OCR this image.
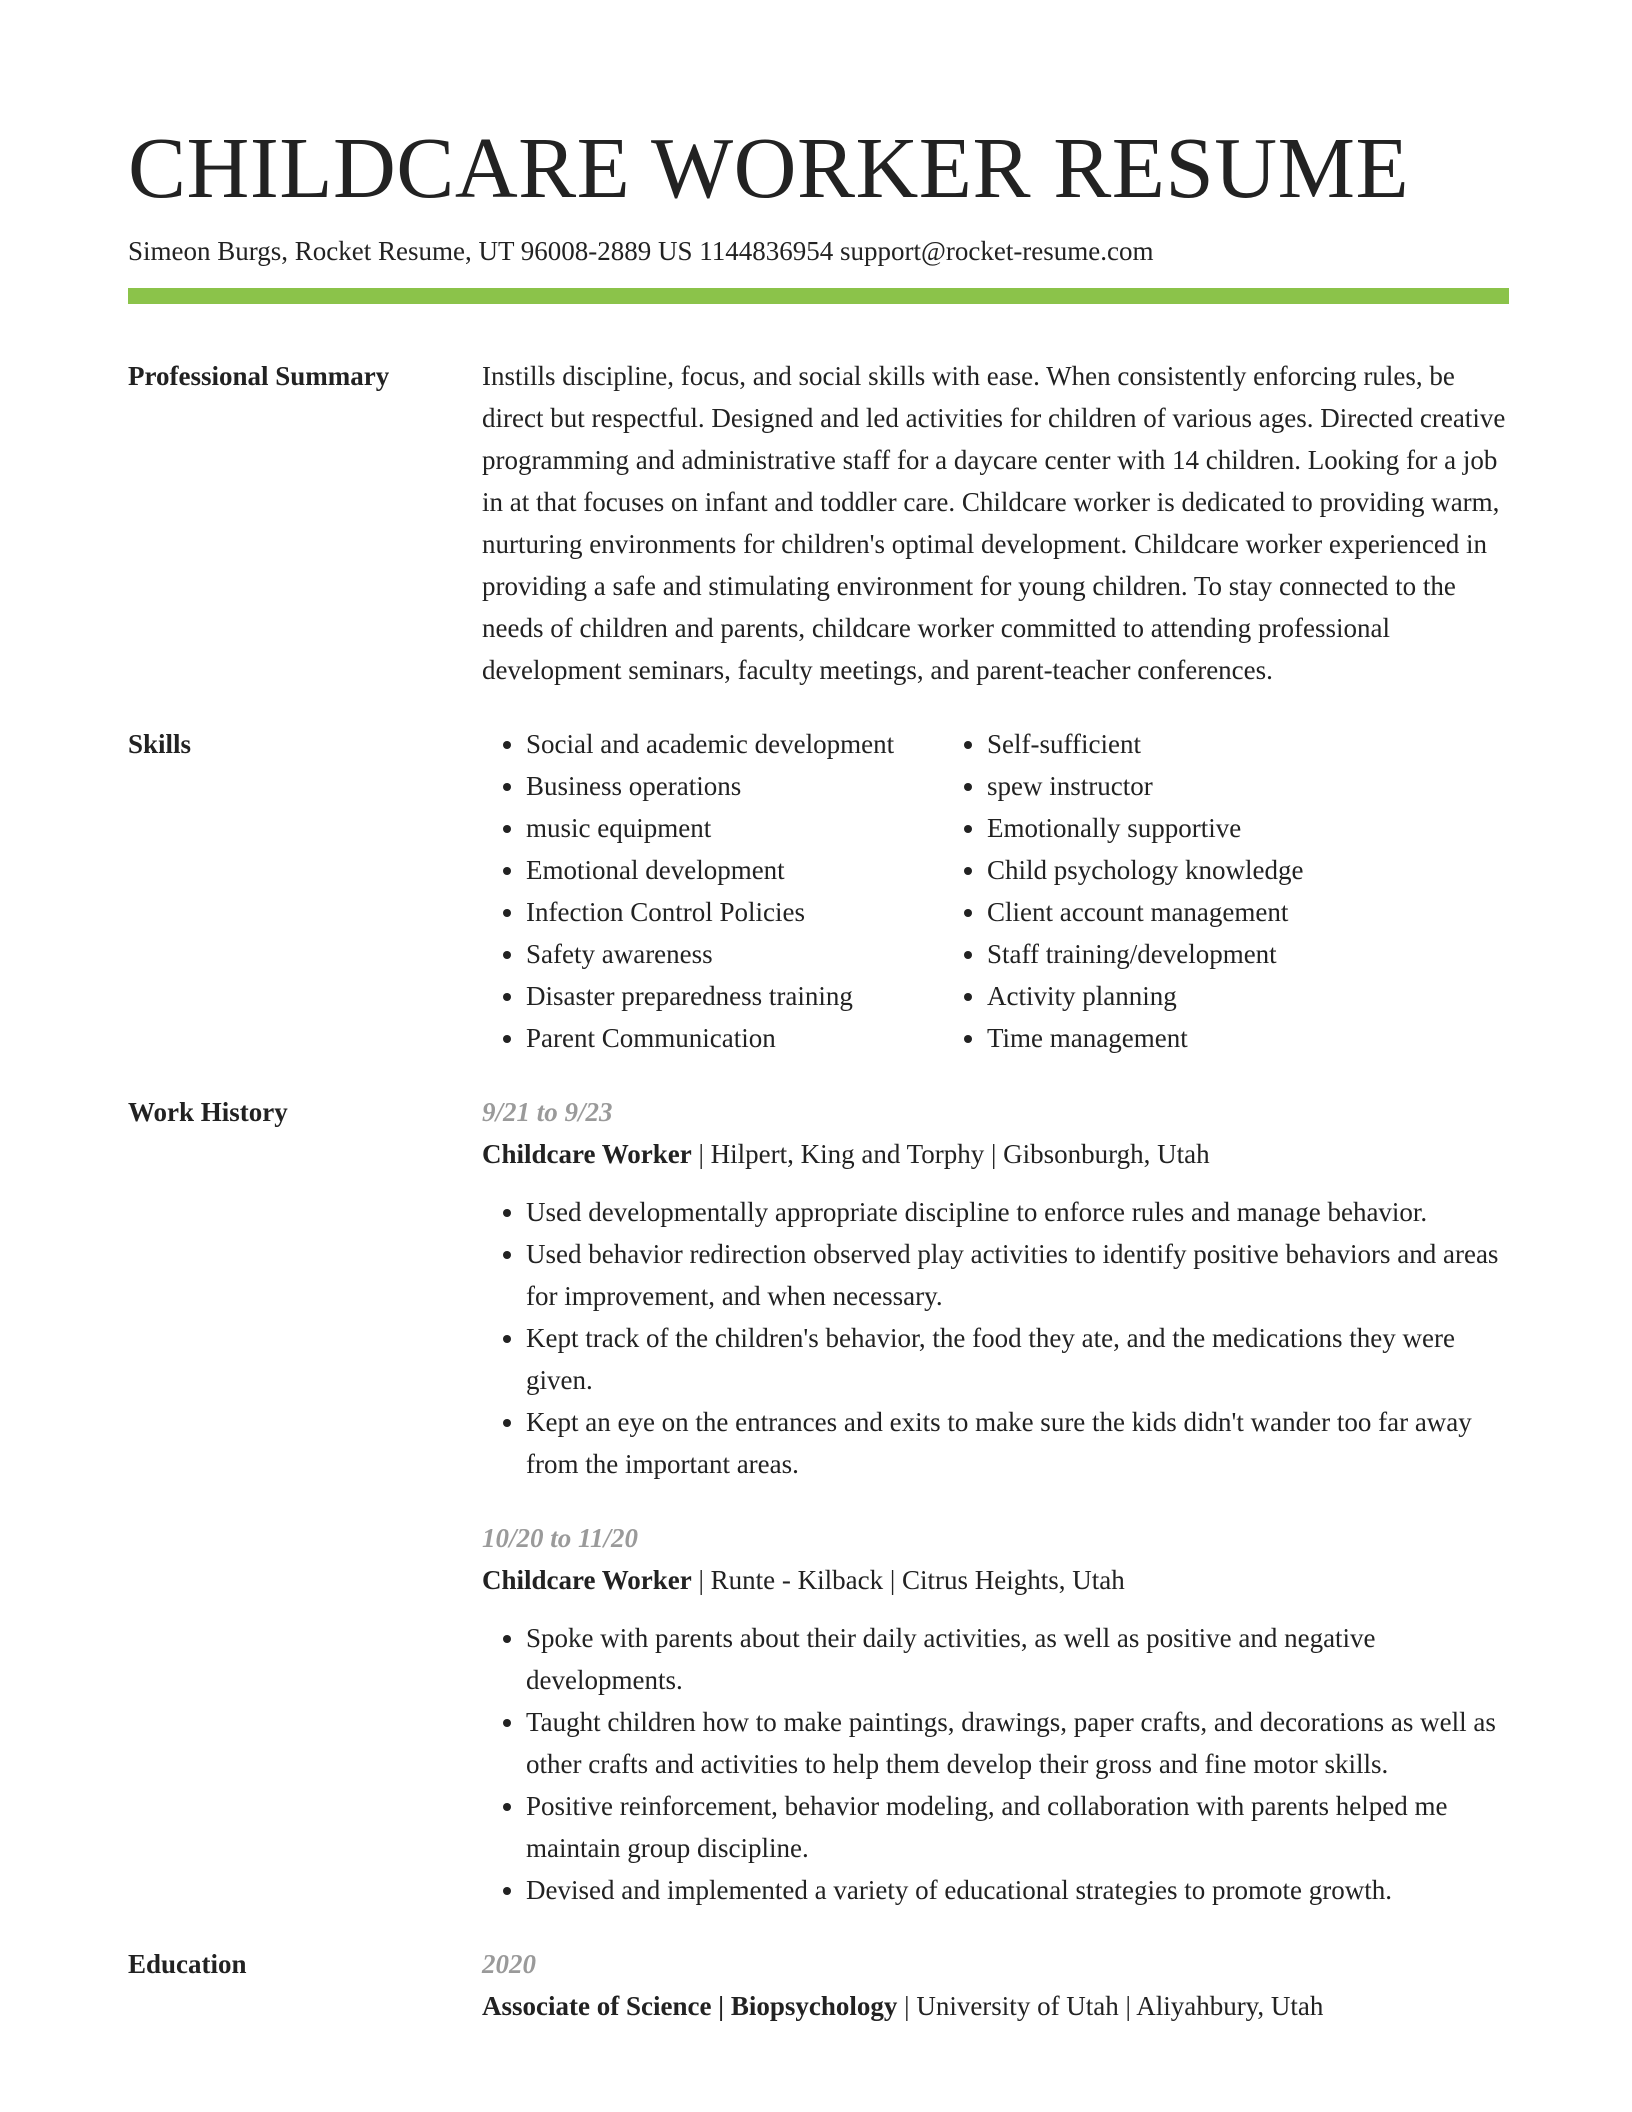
CHILDCARE WORKER RESUME
Simeon Burgs, Rocket Resume, UT 96008-2889 US 1144836954 support@rocket-resume.com
Professional Summary	Instills discipline, focus, and social skills with ease. When consistently enforcing rules, be direct but respectful. Designed and led activities for children of various ages. Directed creative programming and administrative staff for a daycare center with 14 children. Looking for a job in at that focuses on infant and toddler care. Childcare worker is dedicated to providing warm, nurturing environments for children's optimal development. Childcare worker experienced in providing a safe and stimulating environment for young children. To stay connected to the needs of children and parents, childcare worker committed to attending professional development seminars, faculty meetings, and parent-teacher conferences.
Skills
•	Social and academic development
• Business operations
• music equipment
• Emotional development
• Infection Control Policies
• Safety awareness
• Disaster preparedness training
• Parent Communication
• Self-sufficient
• spew instructor
• Emotionally supportive
• Child psychology knowledge
• Client account management
• Staff training/development
• Activity planning
• Time management
Work History	9/21 to 9/23
Childcare Worker | Hilpert, King and Torphy | Gibsonburgh, Utah
• Used developmentally appropriate discipline to enforce rules and manage behavior.
• Used behavior redirection observed play activities to identify positive behaviors and areas for improvement, and when necessary.
• Kept track of the children's behavior, the food they ate, and the medications they were given.
• Kept an eye on the entrances and exits to make sure the kids didn't wander too far away from the important areas.
10/20 to 11/20
Childcare Worker | Runte - Kilback | Citrus Heights, Utah
• Spoke with parents about their daily activities, as well as positive and negative developments.
• Taught children how to make paintings, drawings, paper crafts, and decorations as well as other crafts and activities to help them develop their gross and fine motor skills.
• Positive reinforcement, behavior modeling, and collaboration with parents helped me maintain group discipline.
• Devised and implemented a variety of educational strategies to promote growth.
Education	2020
Associate of Science | Biopsychology | University of Utah | Aliyahbury, Utah
